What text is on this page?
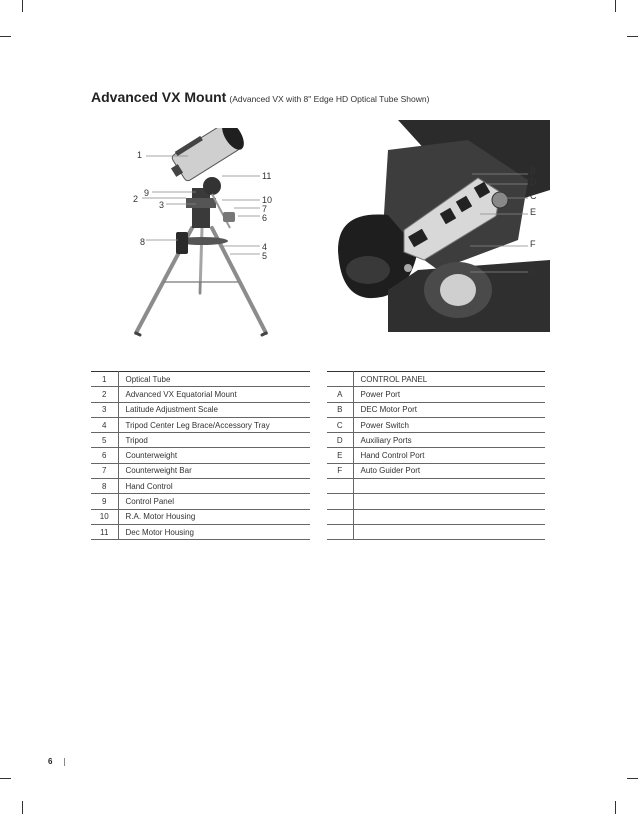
Advanced VX Mount (Advanced VX with 8" Edge HD Optical Tube Shown)
1
11
9
2
3	10
7
6
8	4
5
B
D
C
E
F
A
1	Optical Tube
2	Advanced VX Equatorial Mount
3	Latitude Adjustment Scale
4	Tripod Center Leg Brace/Accessory Tray
5	Tripod
6	Counterweight
7	Counterweight Bar
8	Hand Control
9	Control Panel
10	R.A. Motor Housing
11	Dec Motor Housing
	CONTROL PANEL
A	Power Port
B	DEC Motor Port
C	Power Switch
D	Auxiliary Ports
E	Hand Control Port
F	Auto Guider Port

6
